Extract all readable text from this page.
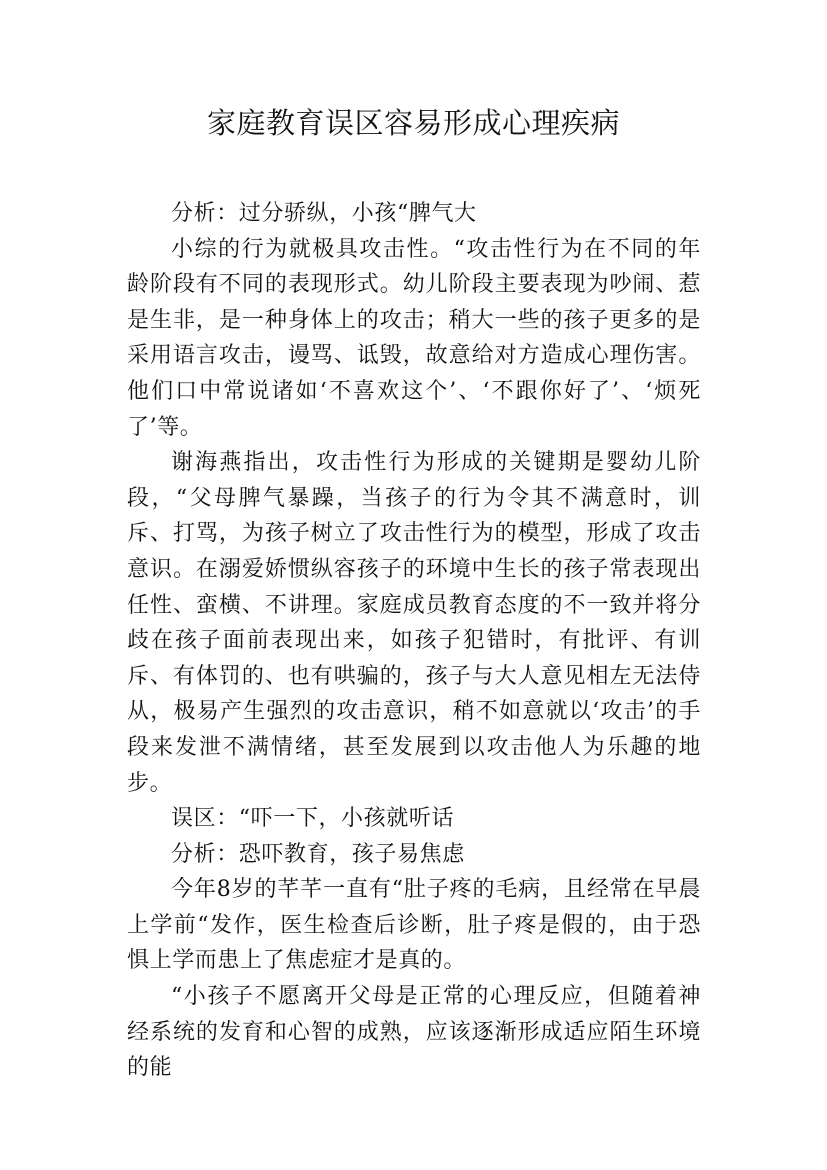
家庭教育误区容易形成心理疾病

分析：过分骄纵，小孩“脾气大

小综的行为就极具攻击性。“攻击性行为在不同的年龄阶段有不同的表现形式。幼儿阶段主要表现为吵闹、惹是生非，是一种身体上的攻击；稍大一些的孩子更多的是采用语言攻击，谩骂、诋毁，故意给对方造成心理伤害。他们口中常说诸如‘不喜欢这个’、‘不跟你好了’、‘烦死了’等。

谢海燕指出，攻击性行为形成的关键期是婴幼儿阶段，“父母脾气暴躁，当孩子的行为令其不满意时，训斥、打骂，为孩子树立了攻击性行为的模型，形成了攻击意识。在溺爱娇惯纵容孩子的环境中生长的孩子常表现出任性、蛮横、不讲理。家庭成员教育态度的不一致并将分歧在孩子面前表现出来，如孩子犯错时，有批评、有训斥、有体罚的、也有哄骗的，孩子与大人意见相左无法侍从，极易产生强烈的攻击意识，稍不如意就以‘攻击’的手段来发泄不满情绪，甚至发展到以攻击他人为乐趣的地步。

误区：“吓一下，小孩就听话

分析：恐吓教育，孩子易焦虑

今年8岁的芊芊一直有“肚子疼的毛病，且经常在早晨上学前“发作，医生检查后诊断，肚子疼是假的，由于恐惧上学而患上了焦虑症才是真的。

“小孩子不愿离开父母是正常的心理反应，但随着神经系统的发育和心智的成熟，应该逐渐形成适应陌生环境的能
